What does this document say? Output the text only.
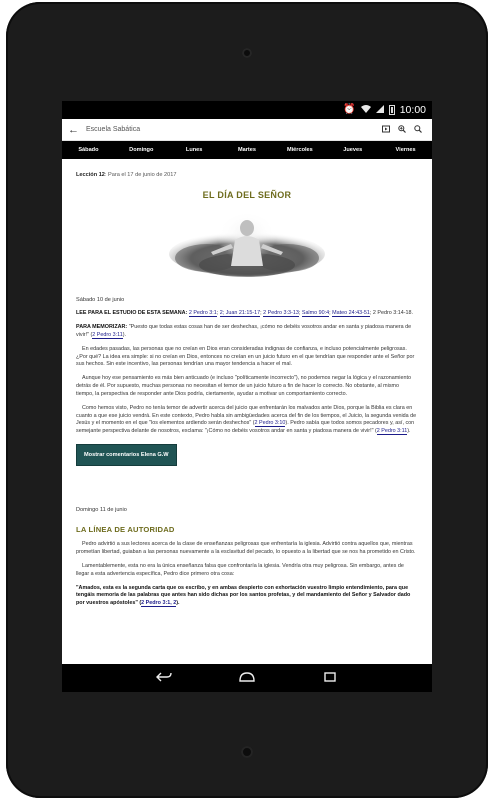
⏰	10:00
←	Escuela Sabática
Sábado	Domingo	Lunes	Martes	Miércoles	Jueves	Viernes
Lección 12: Para el 17 de junio de 2017
EL DÍA DEL SEÑOR
Sábado 10 de junio
LEE PARA EL ESTUDIO DE ESTA SEMANA: 2 Pedro 3:1; 2; Juan 21:15-17; 2 Pedro 3:3-13; Salmo 90:4; Mateo 24:43-51; 2 Pedro 3:14-18.
PARA MEMORIZAR: "Puesto que todas estas cosas han de ser deshechas, ¡cómo no debéis vosotros andar en santa y piadosa manera de vivir!" (2 Pedro 3:11).

En edades pasadas, las personas que no creían en Dios eran consideradas indignas de confianza, e incluso potencialmente peligrosas. ¿Por qué? La idea era simple: si no creían en Dios, entonces no creían en un juicio futuro en el que tendrían que responder ante el Señor por sus hechos. Sin este incentivo, las personas tendrían una mayor tendencia a hacer el mal.

Aunque hoy ese pensamiento es más bien anticuado (e incluso "políticamente incorrecto"), no podemos negar la lógica y el razonamiento detrás de él. Por supuesto, muchas personas no necesitan el temor de un juicio futuro a fin de hacer lo correcto. No obstante, al mismo tiempo, la perspectiva de responder ante Dios podría, ciertamente, ayudar a motivar un comportamiento correcto.

Como hemos visto, Pedro no tenía temor de advertir acerca del juicio que enfrentarán los malvados ante Dios, porque la Biblia es clara en cuanto a que ese juicio vendrá. En este contexto, Pedro habla sin ambigüedades acerca del fin de los tiempos, el Juicio, la segunda venida de Jesús y el momento en el que "los elementos ardiendo serán deshechos" (2 Pedro 3:10). Pedro sabía que todos somos pecadores y, así, con semejante perspectiva delante de nosotros, exclama: "¡Cómo no debéis vosotros andar en santa y piadosa manera de vivir!" (2 Pedro 3:11).

Mostrar comentarios Elena G.W
Domingo 11 de junio
LA LÍNEA DE AUTORIDAD

Pedro advirtió a sus lectores acerca de la clase de enseñanzas peligrosas que enfrentaría la iglesia. Advirtió contra aquellos que, mientras prometían libertad, guiaban a las personas nuevamente a la esclavitud del pecado, lo opuesto a la libertad que se nos ha prometido en Cristo.

Lamentablemente, esta no era la única enseñanza falsa que confrontaría la iglesia. Vendría otra muy peligrosa. Sin embargo, antes de llegar a esta advertencia específica, Pedro dice primero otra cosa:

"Amados, esta es la segunda carta que os escribo, y en ambas despierto con exhortación vuestro limpio entendimiento, para que tengáis memoria de las palabras que antes han sido dichas por los santos profetas, y del mandamiento del Señor y Salvador dado por vuestros apóstoles" (2 Pedro 3:1, 2).
